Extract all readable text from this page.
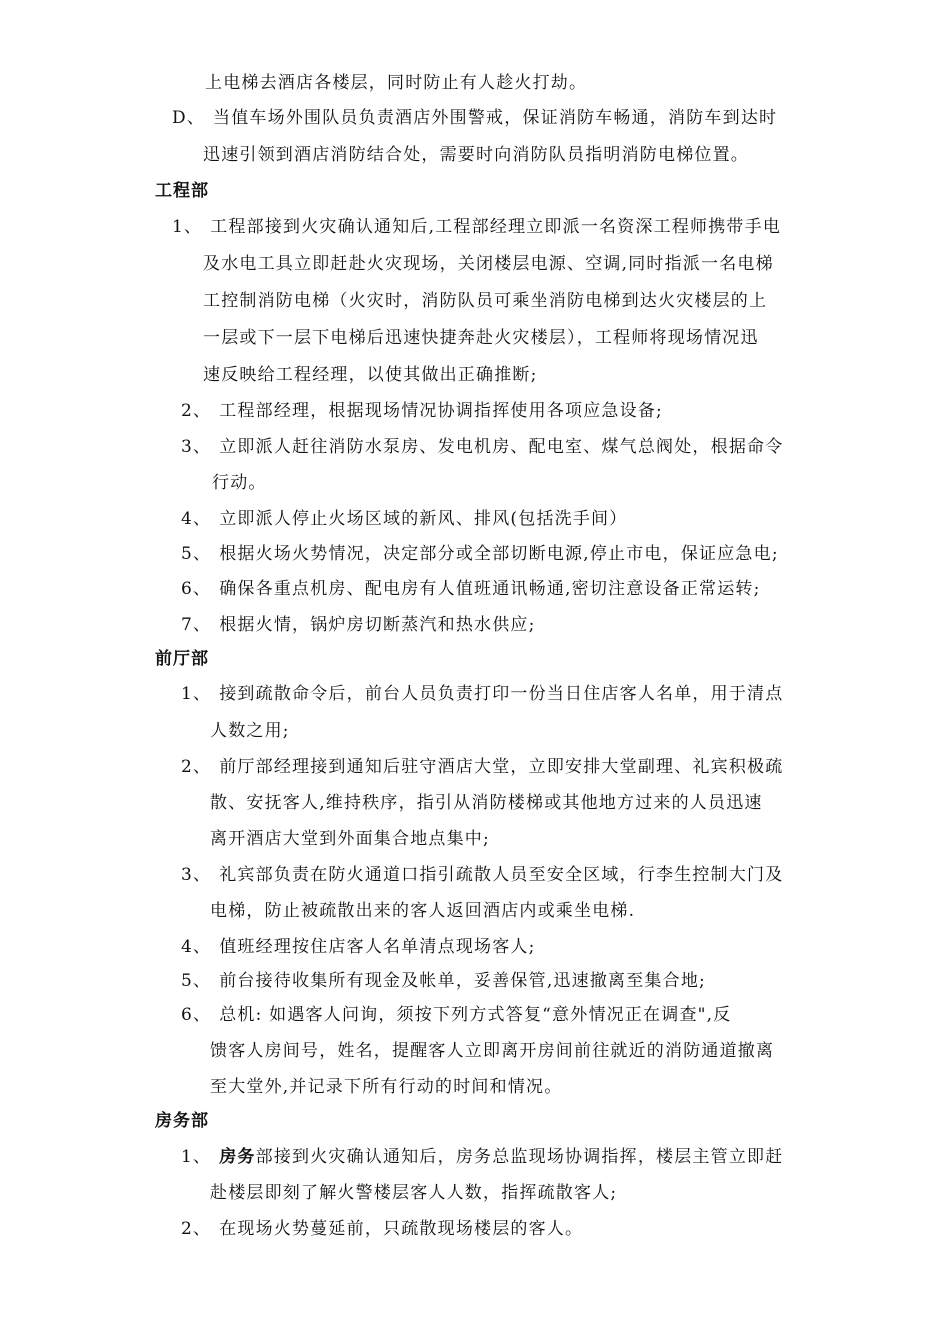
上电梯去酒店各楼层，同时防止有人趁火打劫。
D、 当值车场外围队员负责酒店外围警戒，保证消防车畅通，消防车到达时
迅速引领到酒店消防结合处，需要时向消防队员指明消防电梯位置。
工程部
1、 工程部接到火灾确认通知后,工程部经理立即派一名资深工程师携带手电
及水电工具立即赶赴火灾现场，关闭楼层电源、空调,同时指派一名电梯
工控制消防电梯（火灾时，消防队员可乘坐消防电梯到达火灾楼层的上
一层或下一层下电梯后迅速快捷奔赴火灾楼层），工程师将现场情况迅
速反映给工程经理，以使其做出正确推断;
2、 工程部经理，根据现场情况协调指挥使用各项应急设备;
3、 立即派人赶往消防水泵房、发电机房、配电室、煤气总阀处，根据命令
行动。
4、 立即派人停止火场区域的新风、排风(包括洗手间）
5、 根据火场火势情况，决定部分或全部切断电源,停止市电，保证应急电;
6、 确保各重点机房、配电房有人值班通讯畅通,密切注意设备正常运转;
7、 根据火情，锅炉房切断蒸汽和热水供应;
前厅部
1、 接到疏散命令后，前台人员负责打印一份当日住店客人名单，用于清点
人数之用;
2、 前厅部经理接到通知后驻守酒店大堂，立即安排大堂副理、礼宾积极疏
散、安抚客人,维持秩序，指引从消防楼梯或其他地方过来的人员迅速
离开酒店大堂到外面集合地点集中;
3、 礼宾部负责在防火通道口指引疏散人员至安全区域，行李生控制大门及
电梯，防止被疏散出来的客人返回酒店内或乘坐电梯.
4、 值班经理按住店客人名单清点现场客人;
5、 前台接待收集所有现金及帐单，妥善保管,迅速撤离至集合地;
6、 总机: 如遇客人问询，须按下列方式答复“意外情况正在调查",反
馈客人房间号，姓名，提醒客人立即离开房间前往就近的消防通道撤离
至大堂外,并记录下所有行动的时间和情况。
房务部
1、 房务部接到火灾确认通知后，房务总监现场协调指挥，楼层主管立即赶
赴楼层即刻了解火警楼层客人人数，指挥疏散客人;
2、 在现场火势蔓延前，只疏散现场楼层的客人。
